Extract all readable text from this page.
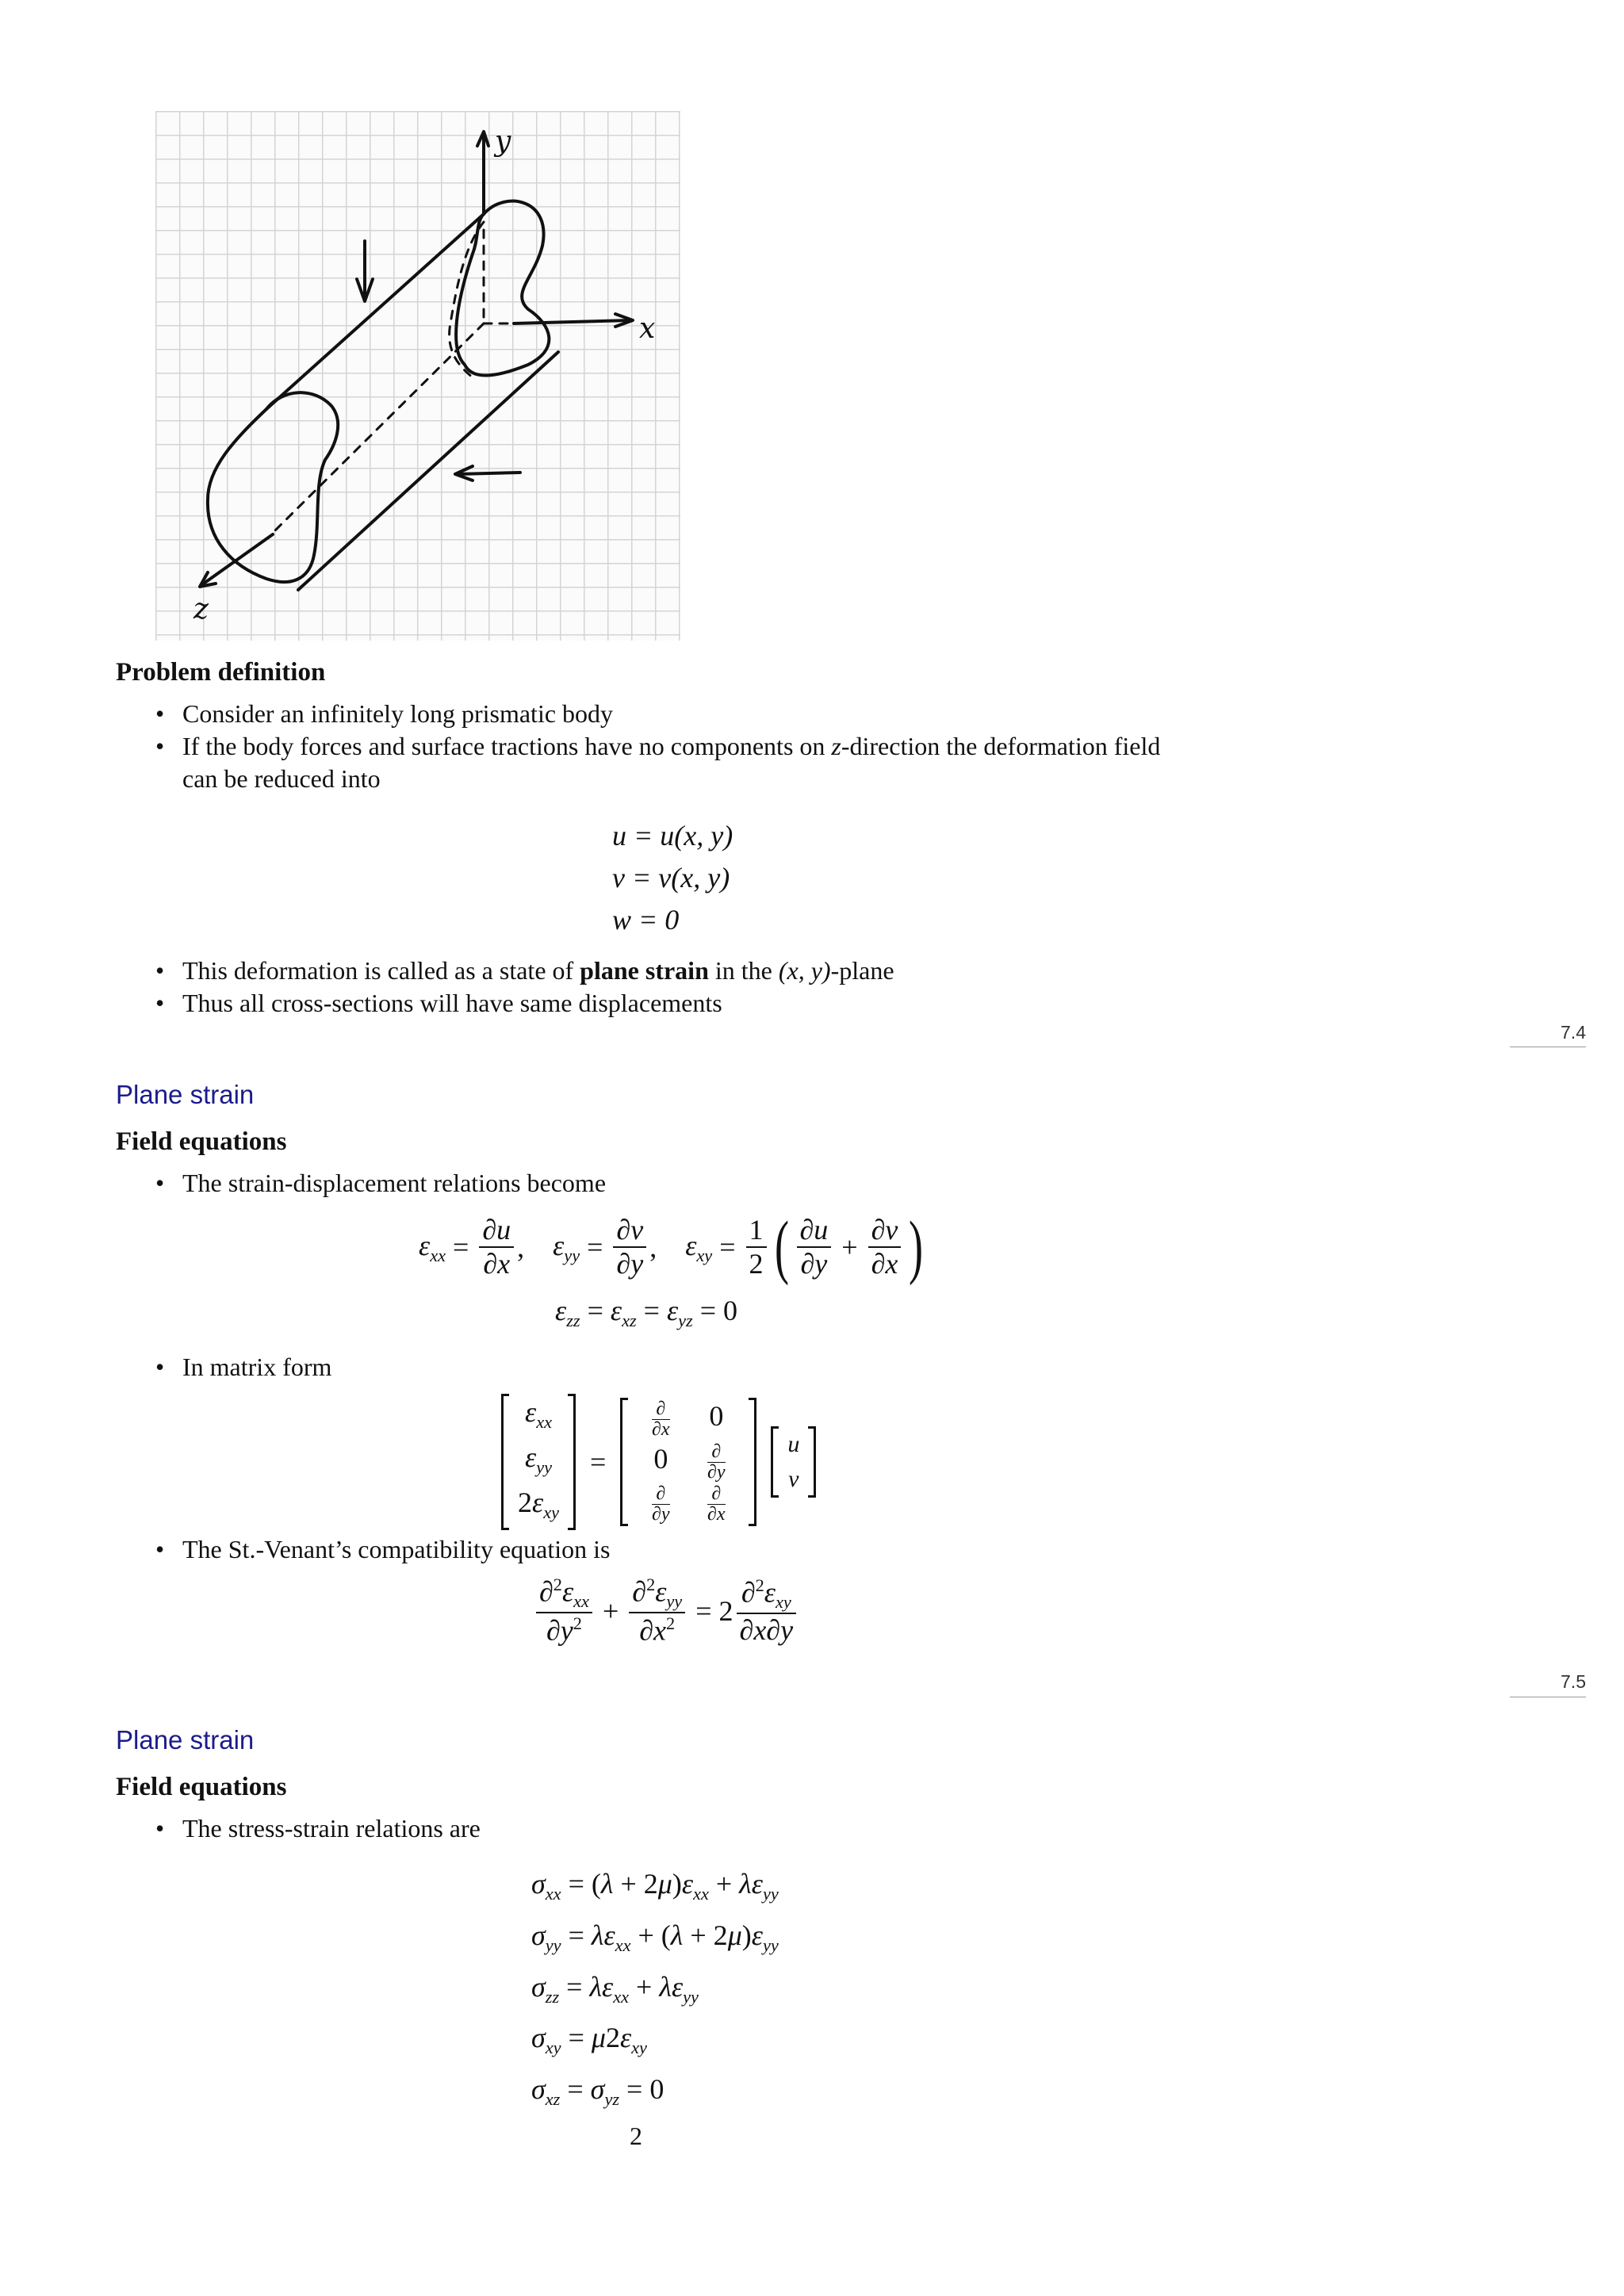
y
x
z
Problem definition
• Consider an infinitely long prismatic body
• If the body forces and surface tractions have no components on z-direction the deformation field can be reduced into
u = u(x, y)
v = v(x, y)
w = 0
• This deformation is called as a state of plane strain in the (x, y)-plane
• Thus all cross-sections will have same displacements
7.4
Plane strain
Field equations
• The strain-displacement relations become
$\varepsilon_{xx} = \frac{\partial u}{\partial x}$ , $\varepsilon_{yy} = \frac{\partial v}{\partial y}$ , $\varepsilon_{xy} = \frac{1}{2}$ ( $\frac{\partial u}{\partial y} + \frac{\partial v}{\partial x}$ )
$\varepsilon_{zz} = \varepsilon_{xz} = \varepsilon_{yz} = 0$
• In matrix form
$\varepsilon_{xx}$
$\varepsilon_{yy}$
$2\varepsilon_{xy}$
=
∂
∂x	0
0	∂
∂y
∂
∂y
∂
∂x

u
v
• The St.-Venant’s compatibility equation is
$\frac{\partial^2\varepsilon_{xx}}{\partial y^2} + \frac{\partial^2\varepsilon_{yy}}{\partial x^2} = 2 \frac{\partial^2\varepsilon_{xy}}{\partial x\partial y}$
7.5
Plane strain
Field equations
• The stress-strain relations are
$\sigma_{xx} = (\lambda + 2\mu)\varepsilon_{xx} + \lambda\varepsilon_{yy}$
$\sigma_{yy} = \lambda\varepsilon_{xx} + (\lambda + 2\mu)\varepsilon_{yy}$
$\sigma_{zz} = \lambda\varepsilon_{xx} + \lambda\varepsilon_{yy}$
$\sigma_{xy} = \mu 2\varepsilon_{xy}$
$\sigma_{xz} = \sigma_{yz} = 0$
2
